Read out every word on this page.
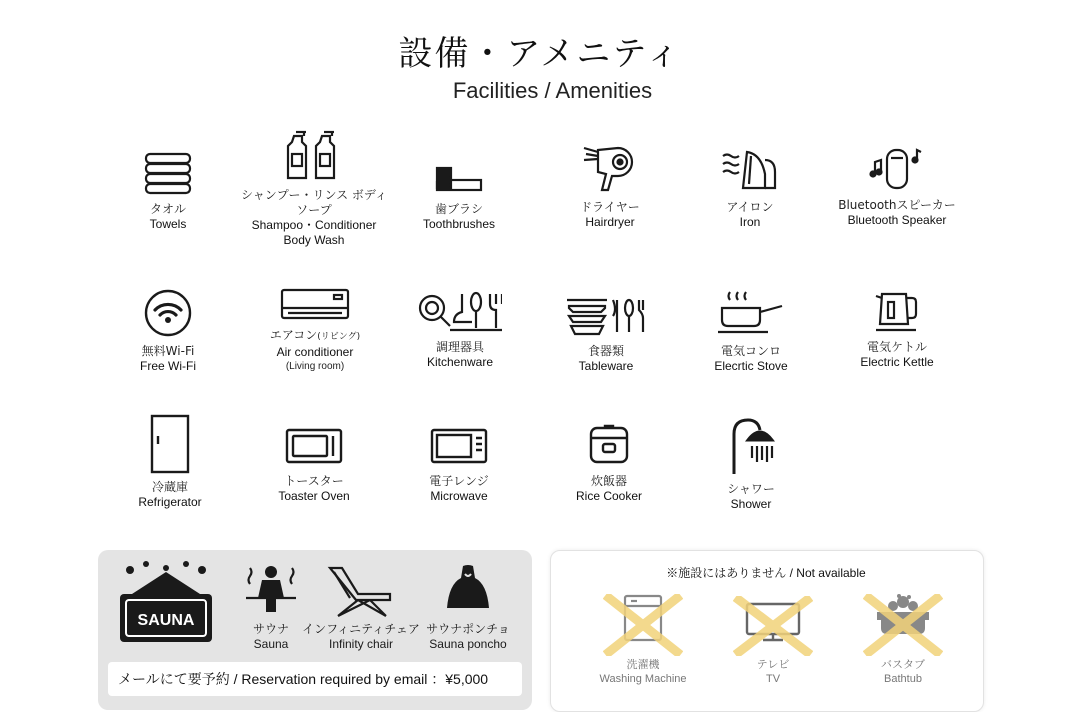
設備・アメニティ
Facilities / Amenities
タオル
Towels
シャンプー・リンス ボディソープ
Shampoo・Conditioner
Body Wash
歯ブラシ
Toothbrushes
ドライヤー
Hairdryer
アイロン
Iron
Bluetoothスピーカー
Bluetooth Speaker
無料Wi-Fi
Free Wi-Fi
エアコン(リビング)
Air conditioner
(Living room)
調理器具
Kitchenware
食器類
Tableware
電気コンロ
Elecrtic Stove
電気ケトル
Electric Kettle
冷蔵庫
Refrigerator
トースター
Toaster Oven
電子レンジ
Microwave
炊飯器
Rice Cooker	シャワー
Shower
SAUNA	サウナ
Sauna
インフィニティチェア
Infinity chair
サウナポンチョ
Sauna poncho
メールにて要予約 / Reservation required by email ：¥5,000
※施設にはありません / Not available
洗濯機
Washing Machine
テレビ
TV
バスタブ
Bathtub
